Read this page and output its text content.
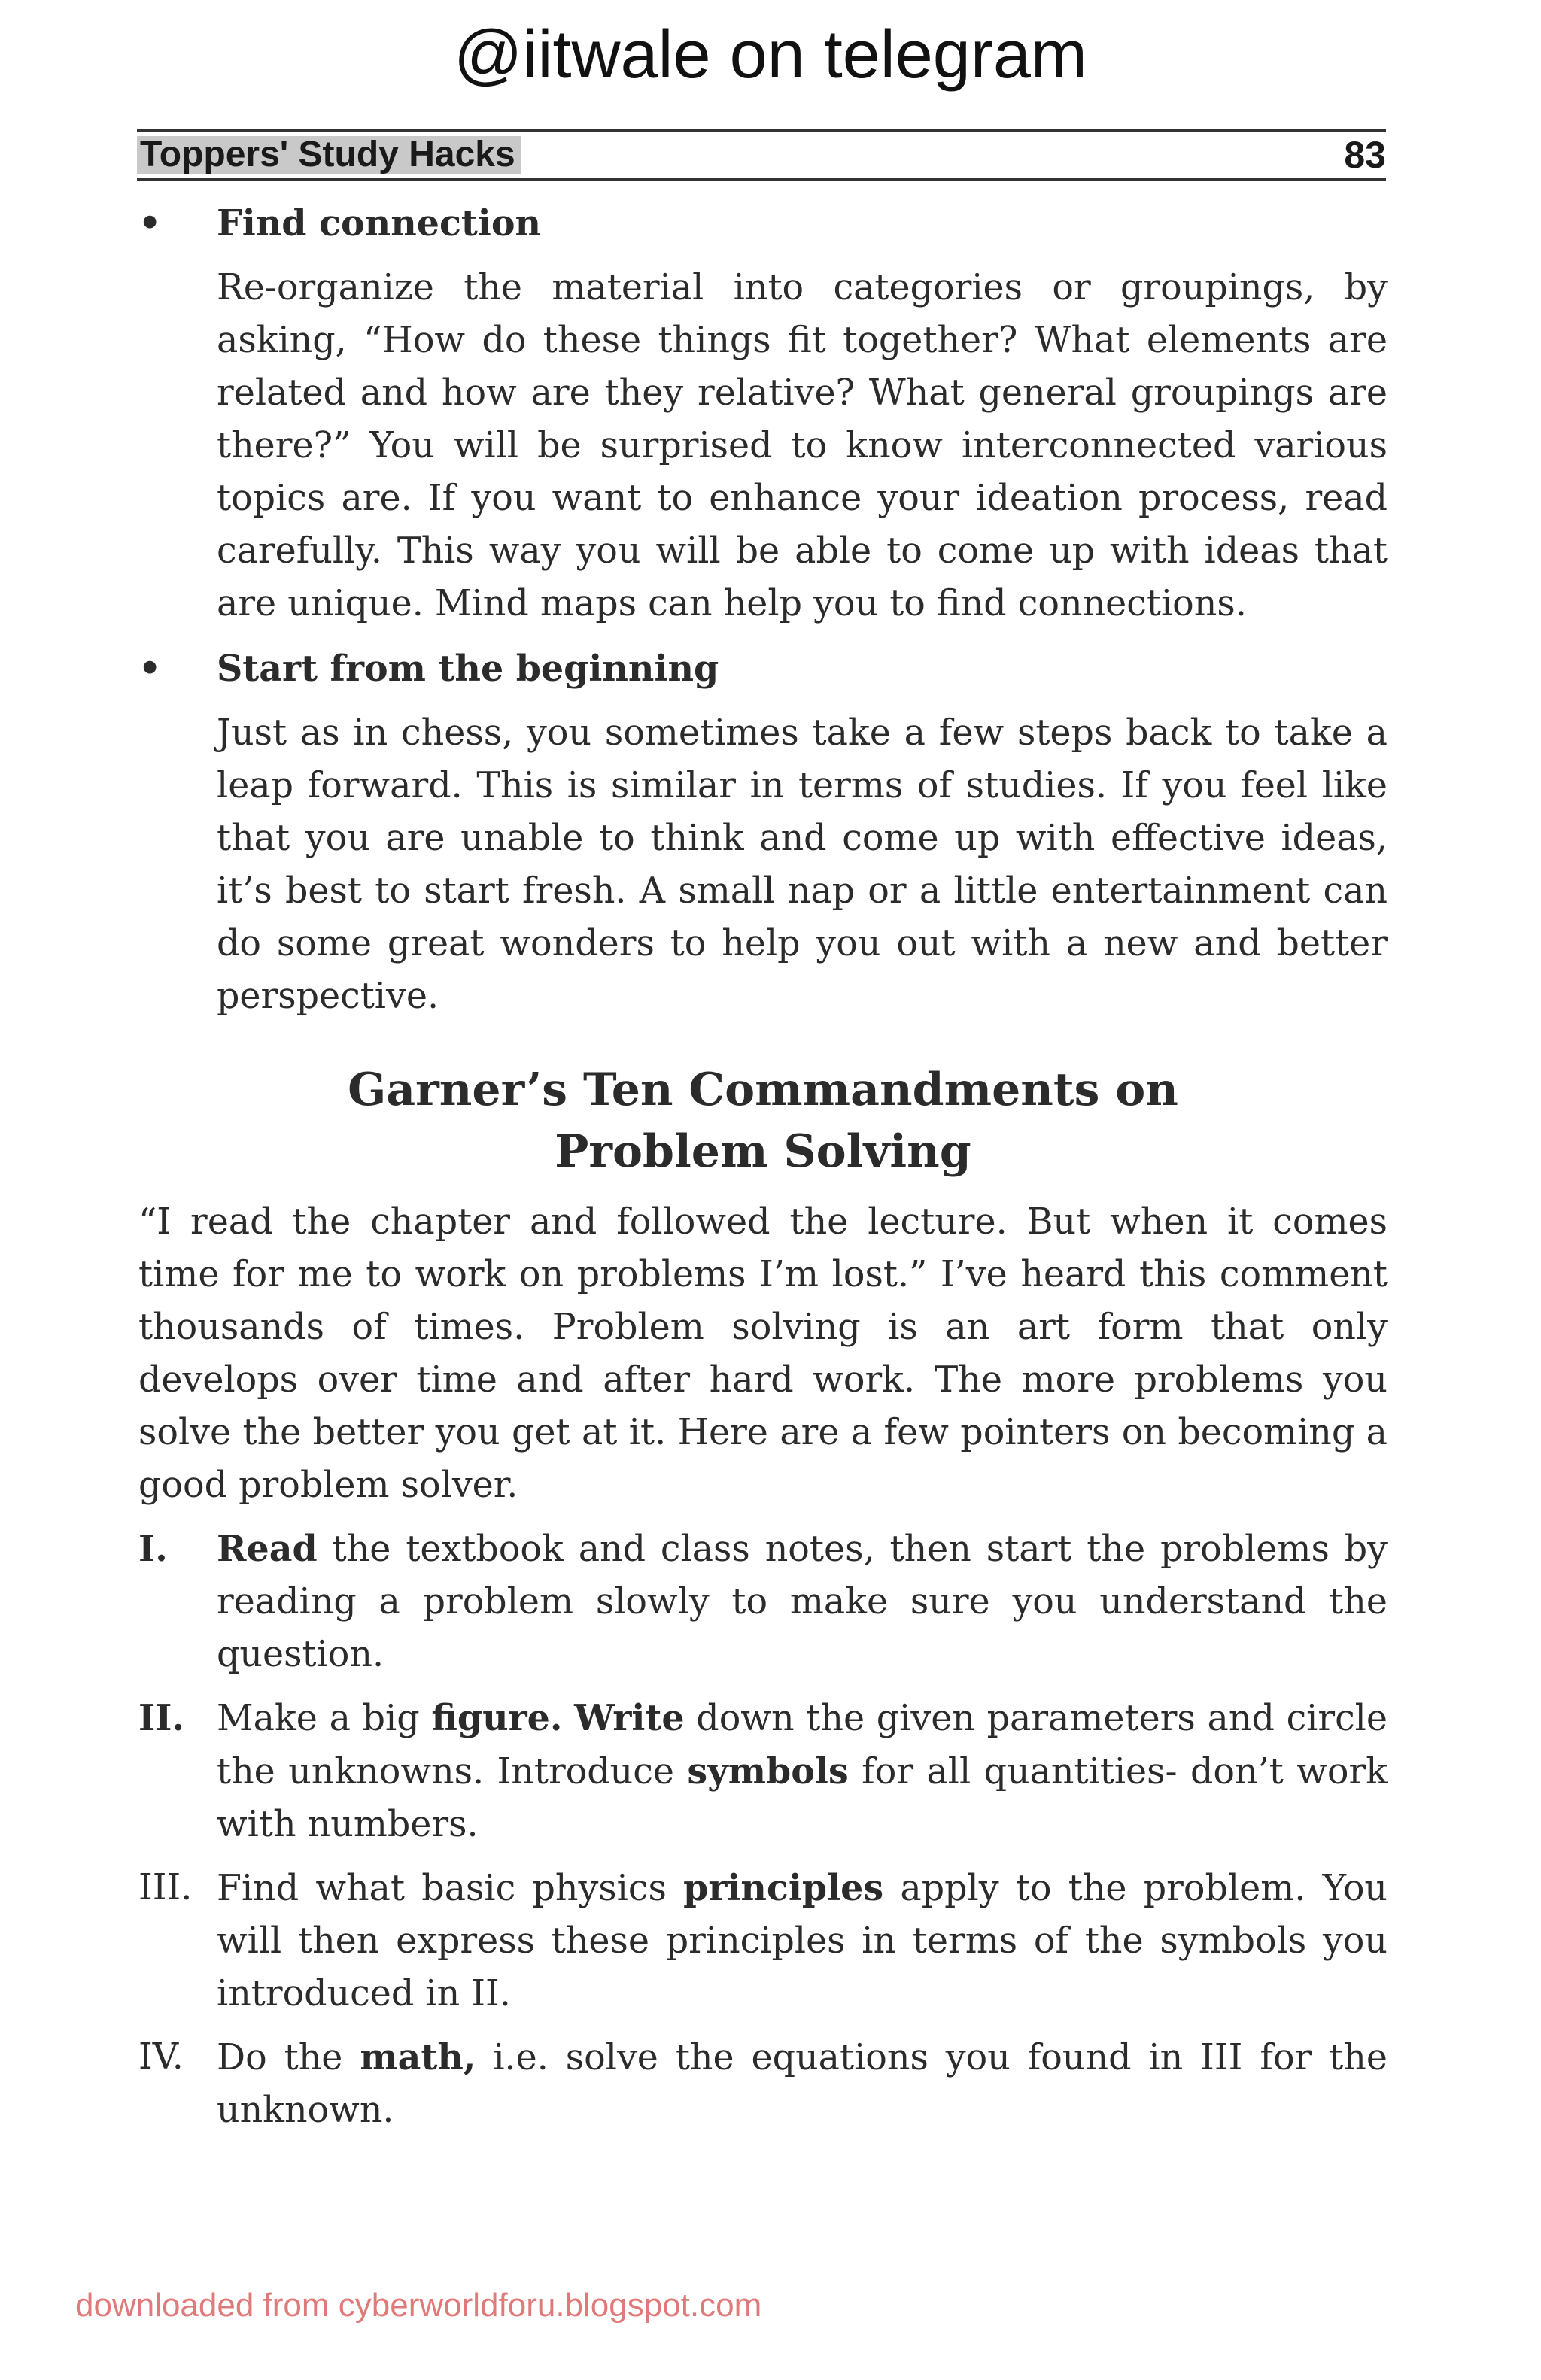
@iitwale on telegram
Toppers' Study Hacks	83
• Find connection
Re-organize the material into categories or groupings, by asking, “How do these things fit together? What elements are related and how are they relative? What general groupings are there?” You will be surprised to know interconnected various topics are. If you want to enhance your ideation process, read carefully. This way you will be able to come up with ideas that are unique. Mind maps can help you to find connections.
• Start from the beginning
Just as in chess, you sometimes take a few steps back to take a leap forward. This is similar in terms of studies. If you feel like that you are unable to think and come up with effective ideas, it’s best to start fresh. A small nap or a little entertainment can do some great wonders to help you out with a new and better perspective.
Garner’s Ten Commandments on
Problem Solving
“I read the chapter and followed the lecture. But when it comes time for me to work on problems I’m lost.” I’ve heard this comment thousands of times. Problem solving is an art form that only develops over time and after hard work. The more problems you solve the better you get at it. Here are a few pointers on becoming a good problem solver.
I. Read the textbook and class notes, then start the problems by reading a problem slowly to make sure you understand the question.
II. Make a big figure. Write down the given parameters and circle the unknowns. Introduce symbols for all quantities- don’t work with numbers.
III. Find what basic physics principles apply to the problem. You will then express these principles in terms of the symbols you introduced in II.
IV. Do the math, i.e. solve the equations you found in III for the unknown.
downloaded from cyberworldforu.blogspot.com
